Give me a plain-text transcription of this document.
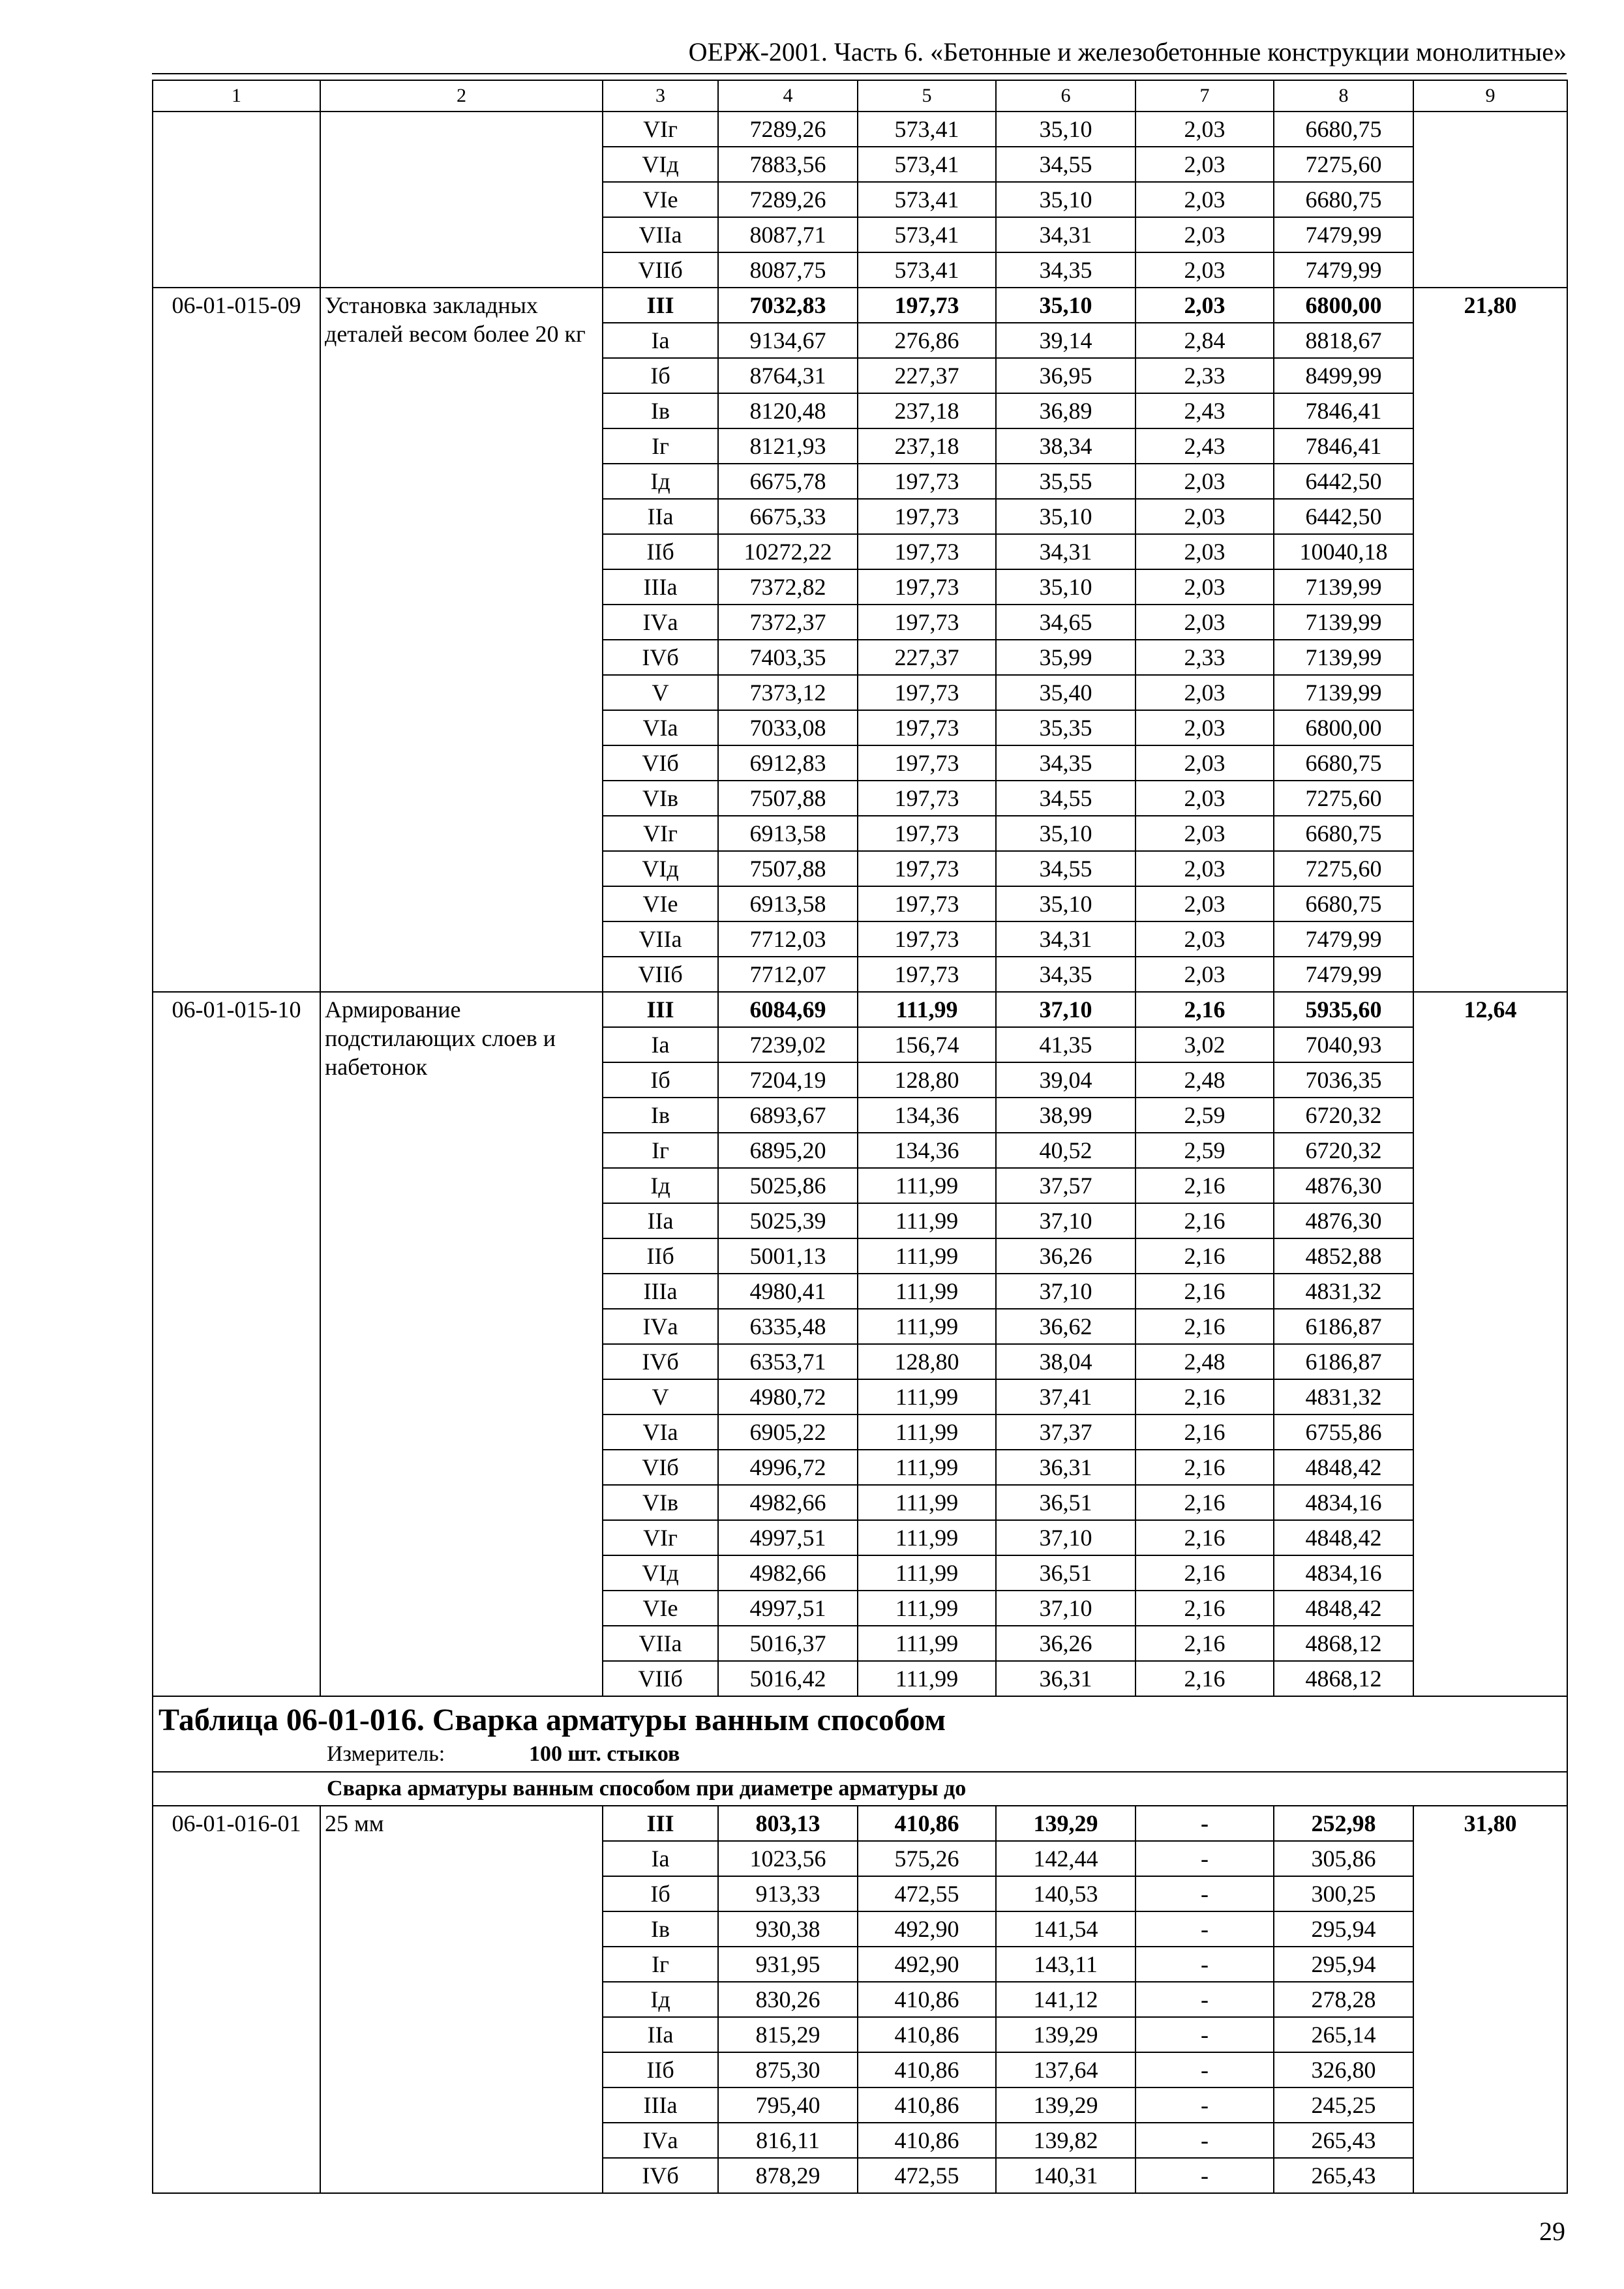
ОЕРЖ-2001. Часть 6. «Бетонные и железобетонные конструкции монолитные»
1	2	3	4	5	6	7	8	9
		VIг	7289,26	573,41	35,10	2,03	6680,75	
		VIд	7883,56	573,41	34,55	2,03	7275,60	
		VIе	7289,26	573,41	35,10	2,03	6680,75	
		VIIа	8087,71	573,41	34,31	2,03	7479,99	
		VIIб	8087,75	573,41	34,35	2,03	7479,99	
06-01-015-09	Установка закладных деталей весом более 20 кг	III	7032,83	197,73	35,10	2,03	6800,00	21,80
		Iа	9134,67	276,86	39,14	2,84	8818,67	
		Iб	8764,31	227,37	36,95	2,33	8499,99	
		Iв	8120,48	237,18	36,89	2,43	7846,41	
		Iг	8121,93	237,18	38,34	2,43	7846,41	
		Iд	6675,78	197,73	35,55	2,03	6442,50	
		IIа	6675,33	197,73	35,10	2,03	6442,50	
		IIб	10272,22	197,73	34,31	2,03	10040,18	
		IIIа	7372,82	197,73	35,10	2,03	7139,99	
		IVа	7372,37	197,73	34,65	2,03	7139,99	
		IVб	7403,35	227,37	35,99	2,33	7139,99	
		V	7373,12	197,73	35,40	2,03	7139,99	
		VIа	7033,08	197,73	35,35	2,03	6800,00	
		VIб	6912,83	197,73	34,35	2,03	6680,75	
		VIв	7507,88	197,73	34,55	2,03	7275,60	
		VIг	6913,58	197,73	35,10	2,03	6680,75	
		VIд	7507,88	197,73	34,55	2,03	7275,60	
		VIе	6913,58	197,73	35,10	2,03	6680,75	
		VIIа	7712,03	197,73	34,31	2,03	7479,99	
		VIIб	7712,07	197,73	34,35	2,03	7479,99	
06-01-015-10	Армирование подстилающих слоев и набетонок	III	6084,69	111,99	37,10	2,16	5935,60	12,64
		Iа	7239,02	156,74	41,35	3,02	7040,93	
		Iб	7204,19	128,80	39,04	2,48	7036,35	
		Iв	6893,67	134,36	38,99	2,59	6720,32	
		Iг	6895,20	134,36	40,52	2,59	6720,32	
		Iд	5025,86	111,99	37,57	2,16	4876,30	
		IIа	5025,39	111,99	37,10	2,16	4876,30	
		IIб	5001,13	111,99	36,26	2,16	4852,88	
		IIIа	4980,41	111,99	37,10	2,16	4831,32	
		IVа	6335,48	111,99	36,62	2,16	6186,87	
		IVб	6353,71	128,80	38,04	2,48	6186,87	
		V	4980,72	111,99	37,41	2,16	4831,32	
		VIа	6905,22	111,99	37,37	2,16	6755,86	
		VIб	4996,72	111,99	36,31	2,16	4848,42	
		VIв	4982,66	111,99	36,51	2,16	4834,16	
		VIг	4997,51	111,99	37,10	2,16	4848,42	
		VIд	4982,66	111,99	36,51	2,16	4834,16	
		VIе	4997,51	111,99	37,10	2,16	4848,42	
		VIIа	5016,37	111,99	36,26	2,16	4868,12	
		VIIб	5016,42	111,99	36,31	2,16	4868,12	

Таблица 06-01-016. Сварка арматуры ванным способом
Измеритель: 100 шт. стыков								

Сварка арматуры ванным способом при диаметре арматуры до								
06-01-016-01	25 мм	III	803,13	410,86	139,29	-	252,98	31,80
		Iа	1023,56	575,26	142,44	-	305,86	
		Iб	913,33	472,55	140,53	-	300,25	
		Iв	930,38	492,90	141,54	-	295,94	
		Iг	931,95	492,90	143,11	-	295,94	
		Iд	830,26	410,86	141,12	-	278,28	
		IIа	815,29	410,86	139,29	-	265,14	
		IIб	875,30	410,86	137,64	-	326,80	
		IIIа	795,40	410,86	139,29	-	245,25	
		IVа	816,11	410,86	139,82	-	265,43	
		IVб	878,29	472,55	140,31	-	265,43	
29
